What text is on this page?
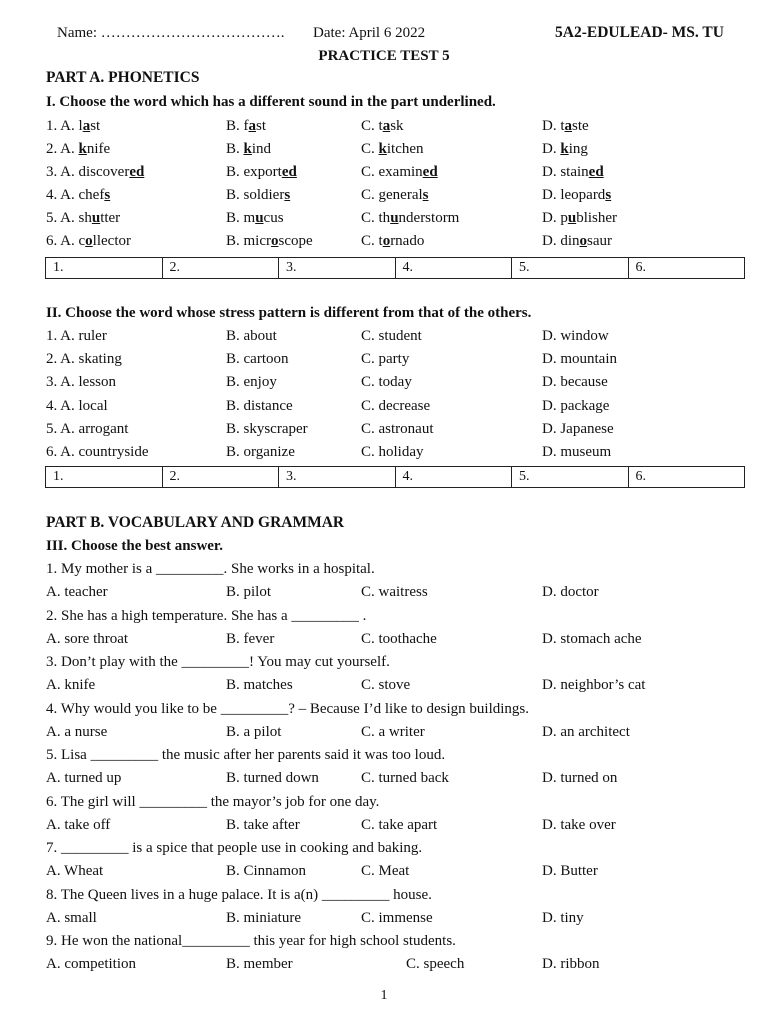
Name: ………………………………. Date: April 6 2022	5A2-EDULEAD- MS. TU
PRACTICE TEST 5
PART A. PHONETICS
I. Choose the word which has a different sound in the part underlined.
1. A. last	B. fast	C. task	D. taste
2. A. knife	B. kind	C. kitchen	D. king
3. A. discovered	B. exported	C. examined	D. stained
4. A. chefs	B. soldiers	C. generals	D. leopards
5. A. shutter	B. mucus	C. thunderstorm	D. publisher
6. A. collector	B. microscope	C. tornado	D. dinosaur
1.	2.	3.	4.	5.	6.
II. Choose the word whose stress pattern is different from that of the others.
1. A. ruler	B. about	C. student	D. window
2. A. skating	B. cartoon	C. party	D. mountain
3. A. lesson	B. enjoy	C. today	D. because
4. A. local	B. distance	C. decrease	D. package
5. A. arrogant	B. skyscraper	C. astronaut	D. Japanese
6. A. countryside	B. organize	C. holiday	D. museum
1.	2.	3.	4.	5.	6.
PART B. VOCABULARY AND GRAMMAR
III. Choose the best answer.
1. My mother is a _________. She works in a hospital.
A. teacher	B. pilot	C. waitress	D. doctor
2. She has a high temperature. She has a _________ .
A. sore throat	B. fever	C. toothache	D. stomach ache
3. Don’t play with the _________! You may cut yourself.
A. knife	B. matches	C. stove	D. neighbor’s cat
4. Why would you like to be _________? – Because I’d like to design buildings.
A. a nurse	B. a pilot	C. a writer	D. an architect
5. Lisa _________ the music after her parents said it was too loud.
A. turned up	B. turned down	C. turned back	D. turned on
6. The girl will _________ the mayor’s job for one day.
A. take off	B. take after	C. take apart	D. take over
7. _________ is a spice that people use in cooking and baking.
A. Wheat	B. Cinnamon	C. Meat	D. Butter
8. The Queen lives in a huge palace. It is a(n) _________ house.
A. small	B. miniature	C. immense	D. tiny
9. He won the national_________ this year for high school students.
A. competition	B. member	C. speech	D. ribbon
1
